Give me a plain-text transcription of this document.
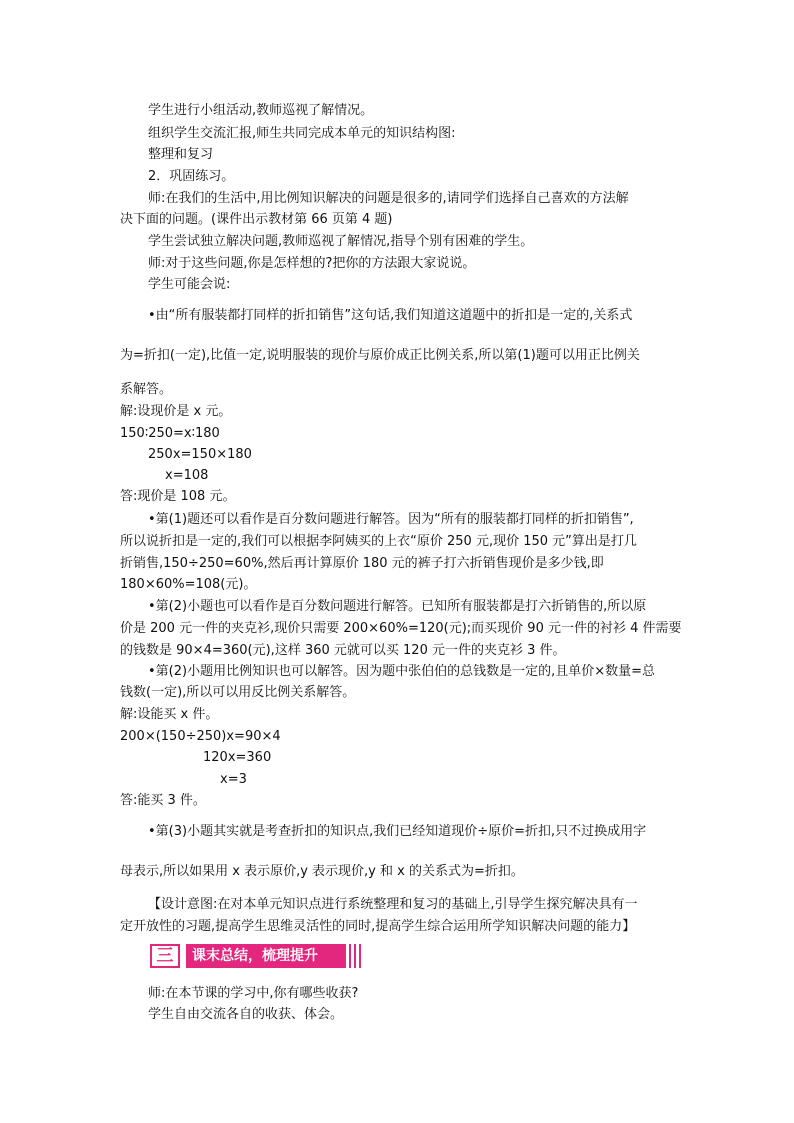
学生进行小组活动,教师巡视了解情况。
组织学生交流汇报,师生共同完成本单元的知识结构图:
整理和复习
2．巩固练习。
师:在我们的生活中,用比例知识解决的问题是很多的,请同学们选择自己喜欢的方法解
决下面的问题。(课件出示教材第 66 页第 4 题)
学生尝试独立解决问题,教师巡视了解情况,指导个别有困难的学生。
师:对于这些问题,你是怎样想的?把你的方法跟大家说说。
学生可能会说:
•由“所有服装都打同样的折扣销售”这句话,我们知道这道题中的折扣是一定的,关系式
为=折扣(一定),比值一定,说明服装的现价与原价成正比例关系,所以第(1)题可以用正比例关
系解答。
解:设现价是 x 元。
150∶250=x∶180
250x=150×180
x=108
答:现价是 108 元。
•第(1)题还可以看作是百分数问题进行解答。因为“所有的服装都打同样的折扣销售”,
所以说折扣是一定的,我们可以根据李阿姨买的上衣“原价 250 元,现价 150 元”算出是打几
折销售,150÷250=60%,然后再计算原价 180 元的裤子打六折销售现价是多少钱,即
180×60%=108(元)。
•第(2)小题也可以看作是百分数问题进行解答。已知所有服装都是打六折销售的,所以原
价是 200 元一件的夹克衫,现价只需要 200×60%=120(元);而买现价 90 元一件的衬衫 4 件需要
的钱数是 90×4=360(元),这样 360 元就可以买 120 元一件的夹克衫 3 件。
•第(2)小题用比例知识也可以解答。因为题中张伯伯的总钱数是一定的,且单价×数量=总
钱数(一定),所以可以用反比例关系解答。
解:设能买 x 件。
200×(150÷250)x=90×4
120x=360
x=3
答:能买 3 件。
•第(3)小题其实就是考查折扣的知识点,我们已经知道现价÷原价=折扣,只不过换成用字
母表示,所以如果用 x 表示原价,y 表示现价,y 和 x 的关系式为=折扣。
【设计意图:在对本单元知识点进行系统整理和复习的基础上,引导学生探究解决具有一
定开放性的习题,提高学生思维灵活性的同时,提高学生综合运用所学知识解决问题的能力】
三	课末总结，梳理提升
师:在本节课的学习中,你有哪些收获?
学生自由交流各自的收获、体会。
